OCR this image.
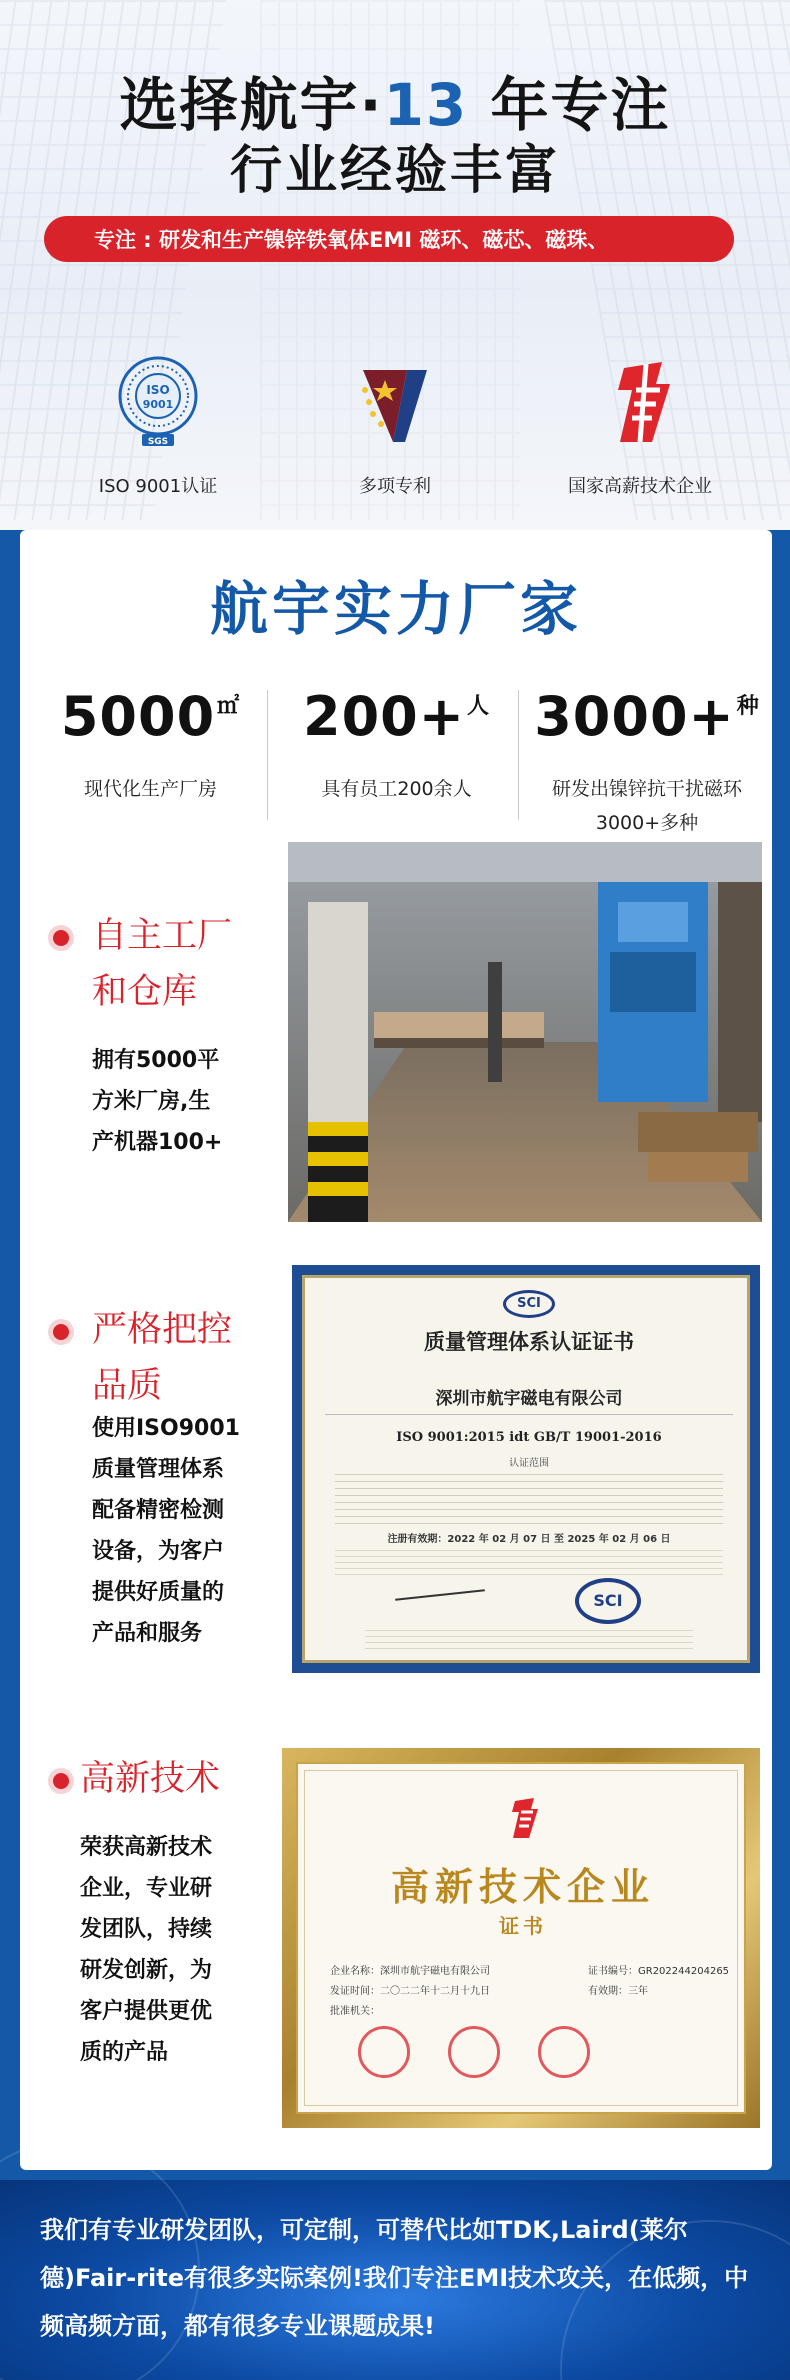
选择航宇·13 年专注
行业经验丰富
专注 : 研发和生产镍锌铁氧体EMI 磁环、磁芯、磁珠、
ISO
9001
SGS
ISO 9001认证	多项专利	国家高薪技术企业
航宇实力厂家
5000㎡
现代化生产厂房
200+$^人$
具有员工200余人
3000+$^种$
研发出镍锌抗干扰磁环 3000+多种
自主工厂
和仓库
拥有5000平
方米厂房,生
产机器100+
严格把控
品质
使用ISO9001
质量管理体系
配备精密检测
设备，为客户
提供好质量的
产品和服务
SCI
质量管理体系认证证书
深圳市航宇磁电有限公司
ISO 9001:2015 idt GB/T 19001-2016
认证范围
注册有效期：2022 年 02 月 07 日 至 2025 年 02 月 06 日
SCI
高新技术
荣获高新技术
企业，专业研
发团队，持续
研发创新，为
客户提供更优
质的产品
高新技术企业
证书
企业名称：深圳市航宇磁电有限公司
发证时间：二〇二二年十二月十九日
批准机关：
证书编号：GR202244204265
有效期：三年
我们有专业研发团队，可定制，可替代比如TDK,Laird(莱尔德)Fair-rite有很多实际案例!我们专注EMI技术攻关，在低频，中频高频方面，都有很多专业课题成果!
